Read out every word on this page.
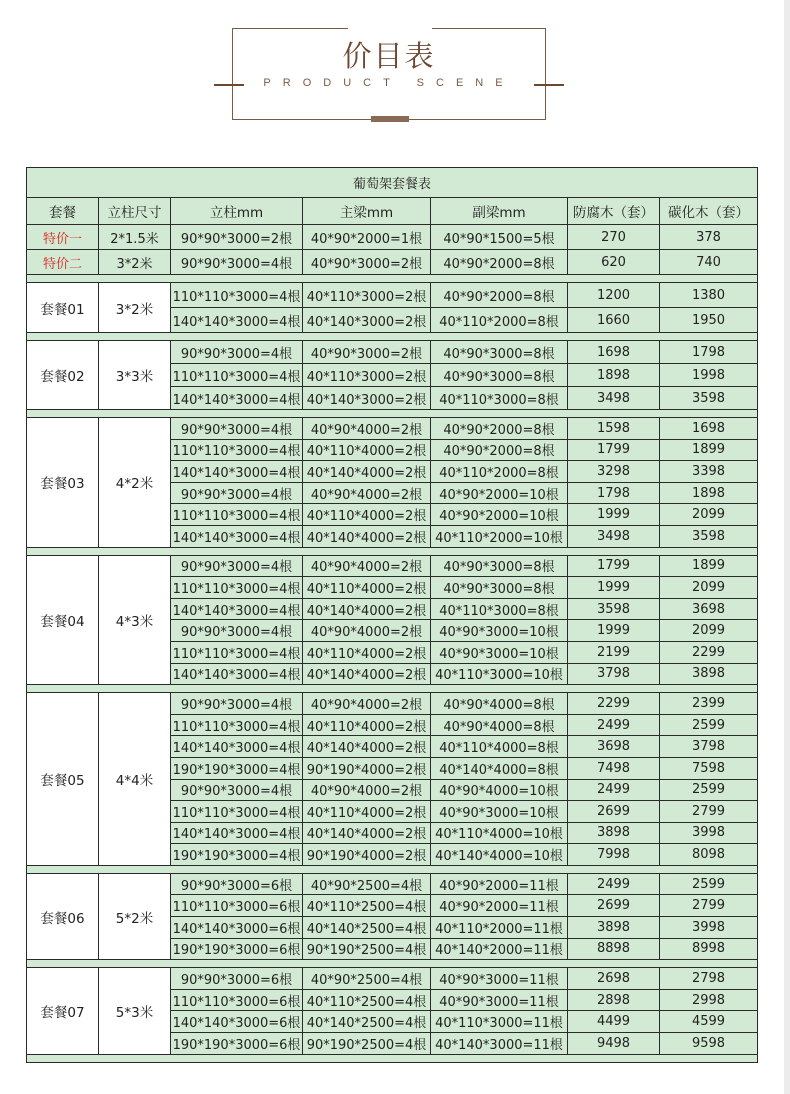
价目表
PRODUCT SCENE
葡萄架套餐表						
套餐	立柱尺寸	立柱mm	主梁mm	副梁mm	防腐木（套）	碳化木（套）
特价一	2*1.5米	90*90*3000=2根	40*90*2000=1根	40*90*1500=5根	270	378
特价二	3*2米	90*90*3000=4根	40*90*3000=2根	40*90*2000=8根	620	740

套餐01	3*2米	110*110*3000=4根	40*110*3000=2根	40*90*2000=8根	1200	1380
		140*140*3000=4根	40*140*3000=2根	40*110*2000=8根	1660	1950

套餐02	3*3米	90*90*3000=4根	40*90*3000=2根	40*90*3000=8根	1698	1798
		110*110*3000=4根	40*110*3000=2根	40*90*3000=8根	1898	1998
		140*140*3000=4根	40*140*3000=2根	40*110*3000=8根	3498	3598

套餐03	4*2米	90*90*3000=4根	40*90*4000=2根	40*90*2000=8根	1598	1698
		110*110*3000=4根	40*110*4000=2根	40*90*2000=8根	1799	1899
		140*140*3000=4根	40*140*4000=2根	40*110*2000=8根	3298	3398
		90*90*3000=4根	40*90*4000=2根	40*90*2000=10根	1798	1898
		110*110*3000=4根	40*110*4000=2根	40*90*2000=10根	1999	2099
		140*140*3000=4根	40*140*4000=2根	40*110*2000=10根	3498	3598

套餐04	4*3米	90*90*3000=4根	40*90*4000=2根	40*90*3000=8根	1799	1899
		110*110*3000=4根	40*110*4000=2根	40*90*3000=8根	1999	2099
		140*140*3000=4根	40*140*4000=2根	40*110*3000=8根	3598	3698
		90*90*3000=4根	40*90*4000=2根	40*90*3000=10根	1999	2099
		110*110*3000=4根	40*110*4000=2根	40*90*3000=10根	2199	2299
		140*140*3000=4根	40*140*4000=2根	40*110*3000=10根	3798	3898

套餐05	4*4米	90*90*3000=4根	40*90*4000=2根	40*90*4000=8根	2299	2399
		110*110*3000=4根	40*110*4000=2根	40*90*4000=8根	2499	2599
		140*140*3000=4根	40*140*4000=2根	40*110*4000=8根	3698	3798
		190*190*3000=4根	90*190*4000=2根	40*140*4000=8根	7498	7598
		90*90*3000=4根	40*90*4000=2根	40*90*4000=10根	2499	2599
		110*110*3000=4根	40*110*4000=2根	40*90*3000=10根	2699	2799
		140*140*3000=4根	40*140*4000=2根	40*110*4000=10根	3898	3998
		190*190*3000=4根	90*190*4000=2根	40*140*4000=10根	7998	8098

套餐06	5*2米	90*90*3000=6根	40*90*2500=4根	40*90*2000=11根	2499	2599
		110*110*3000=6根	40*110*2500=4根	40*90*2000=11根	2699	2799
		140*140*3000=6根	40*140*2500=4根	40*110*2000=11根	3898	3998
		190*190*3000=6根	90*190*2500=4根	40*140*2000=11根	8898	8998

套餐07	5*3米	90*90*3000=6根	40*90*2500=4根	40*90*3000=11根	2698	2798
		110*110*3000=6根	40*110*2500=4根	40*90*3000=11根	2898	2998
		140*140*3000=6根	40*140*2500=4根	40*110*3000=11根	4499	4599
		190*190*3000=6根	90*190*2500=4根	40*140*3000=11根	9498	9598
